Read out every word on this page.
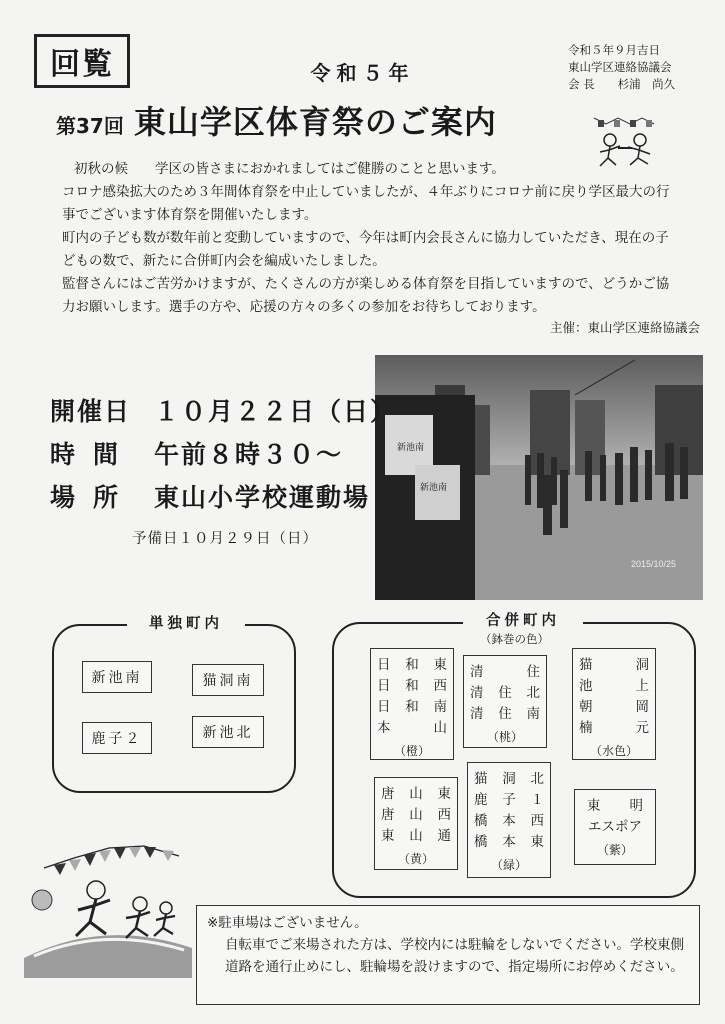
回覧	令和５年
令和５年９月吉日
東山学区連絡協議会
会 長　　杉浦　尚久
第37回 東山学区体育祭のご案内

初秋の候　　学区の皆さまにおかれましてはご健勝のことと思います。

コロナ感染拡大のため３年間体育祭を中止していましたが、４年ぶりにコロナ前に戻り学区最大の行事でございます体育祭を開催いたします。

町内の子ども数が数年前と変動していますので、今年は町内会長さんに協力していただき、現在の子どもの数で、新たに合併町内会を編成いたしました。

監督さんにはご苦労かけますが、たくさんの方が楽しめる体育祭を目指していますので、どうかご協力お願いします。選手の方や、応援の方々の多くの参加をお待ちしております。

主催：東山学区連絡協議会
新池南
新池南
2015/10/25
開催日 １０月２２日（日）
時間 午前８時３０～
場所 東山小学校運動場
予備日１０月２９日（日）
単独町内
新池南	猫洞南
鹿子２	新池北
合併町内
（鉢巻の色）
日 和 東
日 和 西
日 和 南
本	山
（橙）
清	住
清 住 北
清 住 南
（桃）
猫	洞
池	上
朝	岡
楠	元
（水色）
唐 山 東
唐 山 西
東 山 通
（黄）
猫 洞 北
鹿 子 １
橋 本 西
橋 本 東
（緑）
東 明
エスポア
（紫）

※駐車場はございません。

自転車でご来場された方は、学校内には駐輪をしないでください。学校東側道路を通行止めにし、駐輪場を設けますので、指定場所にお停めください。
